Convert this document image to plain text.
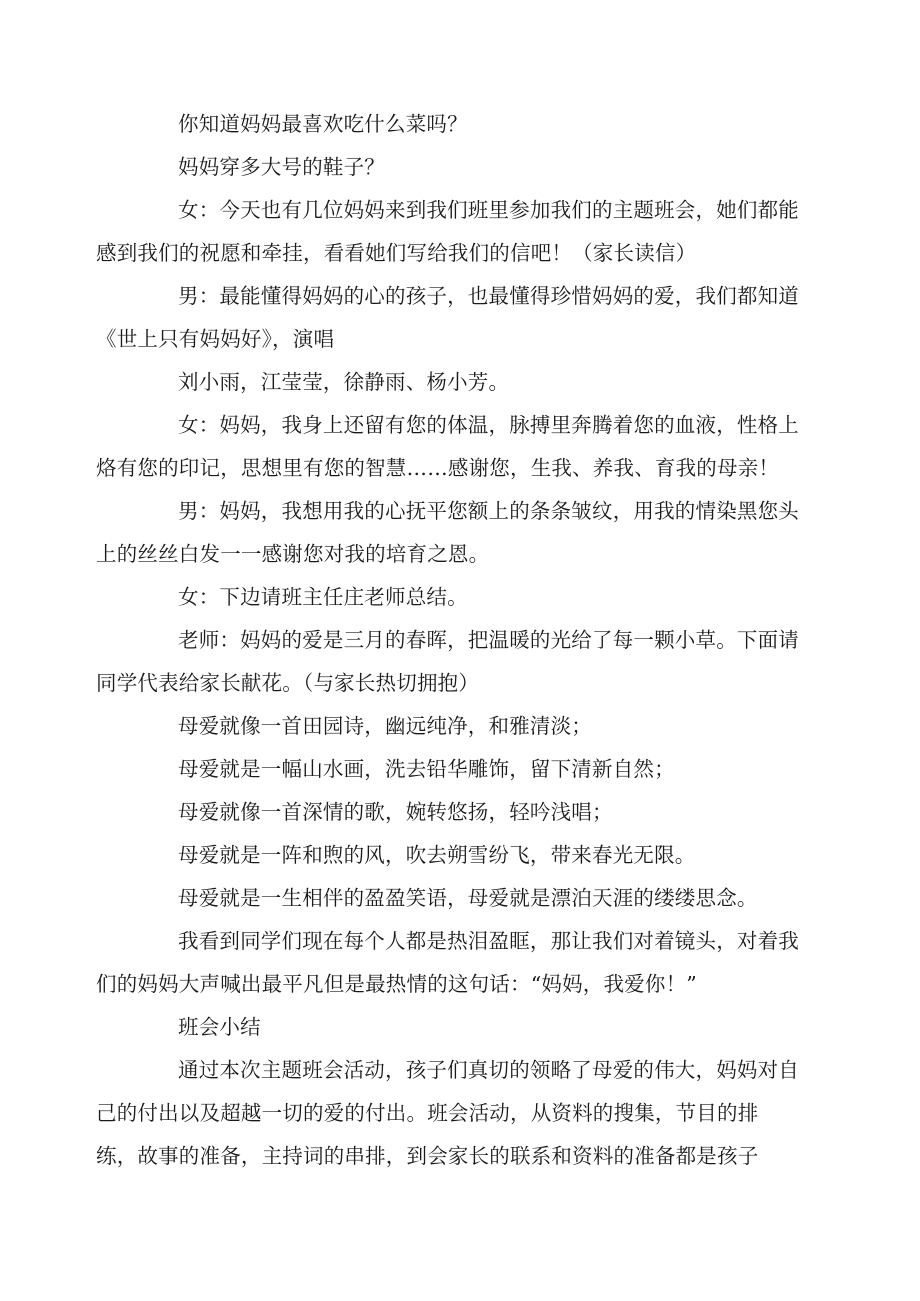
你知道妈妈最喜欢吃什么菜吗？

妈妈穿多大号的鞋子？

女：今天也有几位妈妈来到我们班里参加我们的主题班会，她们都能
感到我们的祝愿和牵挂，看看她们写给我们的信吧！（家长读信）

男：最能懂得妈妈的心的孩子，也最懂得珍惜妈妈的爱，我们都知道
《世上只有妈妈好》，演唱

刘小雨，江莹莹，徐静雨、杨小芳。

女：妈妈，我身上还留有您的体温，脉搏里奔腾着您的血液，性格上
烙有您的印记，思想里有您的智慧……感谢您，生我、养我、育我的母亲！

男：妈妈，我想用我的心抚平您额上的条条皱纹，用我的情染黑您头
上的丝丝白发一一感谢您对我的培育之恩。

女：下边请班主任庄老师总结。

老师：妈妈的爱是三月的春晖，把温暖的光给了每一颗小草。下面请
同学代表给家长献花。（与家长热切拥抱）

母爱就像一首田园诗，幽远纯净，和雅清淡；

母爱就是一幅山水画，洗去铅华雕饰，留下清新自然；

母爱就像一首深情的歌，婉转悠扬，轻吟浅唱；

母爱就是一阵和煦的风，吹去朔雪纷飞，带来春光无限。

母爱就是一生相伴的盈盈笑语，母爱就是漂泊天涯的缕缕思念。

我看到同学们现在每个人都是热泪盈眶，那让我们对着镜头，对着我
们的妈妈大声喊出最平凡但是最热情的这句话：“妈妈，我爱你！”

班会小结

通过本次主题班会活动，孩子们真切的领略了母爱的伟大，妈妈对自
己的付出以及超越一切的爱的付出。班会活动，从资料的搜集，节目的排
练，故事的准备，主持词的串排，到会家长的联系和资料的准备都是孩子
